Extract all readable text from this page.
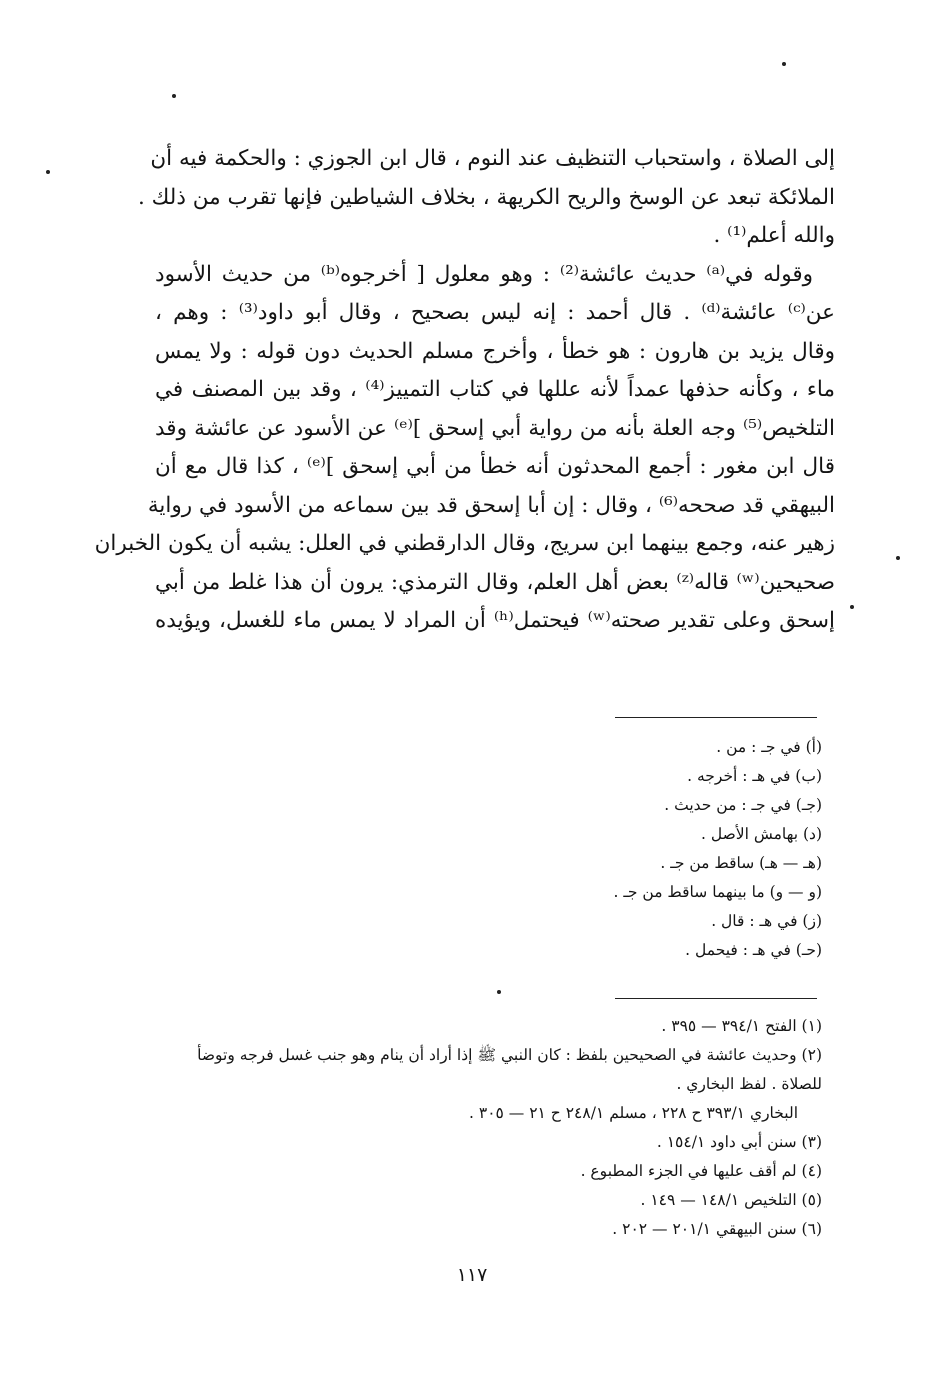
إلى الصلاة ، واستحباب التنظيف عند النوم ، قال ابن الجوزي : والحكمة فيه أن
الملائكة تبعد عن الوسخ والريح الكريهة ، بخلاف الشياطين فإنها تقرب من ذلك .
والله أعلم⁽¹⁾ .
وقوله في⁽ᵃ⁾ حديث عائشة⁽²⁾ : وهو معلول [ أخرجوه⁽ᵇ⁾ من حديث الأسود
عن⁽ᶜ⁾ عائشة⁽ᵈ⁾ . قال أحمد : إنه ليس بصحيح ، وقال أبو داود⁽³⁾ : وهم ،
وقال يزيد بن هارون : هو خطأ ، وأخرج مسلم الحديث دون قوله : ولا يمس
ماء ، وكأنه حذفها عمداً لأنه عللها في كتاب التمييز⁽⁴⁾ ، وقد بين المصنف في
التلخيص⁽⁵⁾ وجه العلة بأنه من رواية أبي إسحق ]⁽ᵉ⁾ عن الأسود عن عائشة وقد
قال ابن مغور : أجمع المحدثون أنه خطأ من أبي إسحق ]⁽ᵉ⁾ ، كذا قال مع أن
البيهقي قد صححه⁽⁶⁾ ، وقال : إن أبا إسحق قد بين سماعه من الأسود في رواية
زهير عنه، وجمع بينهما ابن سريج، وقال الدارقطني في العلل: يشبه أن يكون الخبران
صحيحين⁽ʷ⁾ قاله⁽ᶻ⁾ بعض أهل العلم، وقال الترمذي: يرون أن هذا غلط من أبي
إسحق وعلى تقدير صحته⁽ʷ⁾ فيحتمل⁽ʰ⁾ أن المراد لا يمس ماء للغسل، ويؤيده
(أ) في جـ : من .
(ب) في هـ : أخرجه .
(جـ) في جـ : من حديث .
(د) بهامش الأصل .
(هـ — هـ) ساقط من جـ .
(و — و) ما بينهما ساقط من جـ .
(ز) في هـ : قال .
(حـ) في هـ : فيحمل .
(١) الفتح ٣٩٤/١ — ٣٩٥ .
(٢) وحديث عائشة في الصحيحين بلفظ : كان النبي ﷺ إذا أراد أن ينام وهو جنب غسل فرجه وتوضأ
للصلاة . لفظ البخاري .
البخاري ٣٩٣/١ ح ٢٢٨ ، مسلم ٢٤٨/١ ح ٢١ — ٣٠٥ .
(٣) سنن أبي داود ١٥٤/١ .
(٤) لم أقف عليها في الجزء المطبوع .
(٥) التلخيص ١٤٨/١ — ١٤٩ .
(٦) سنن البيهقي ٢٠١/١ — ٢٠٢ .
١١٧
